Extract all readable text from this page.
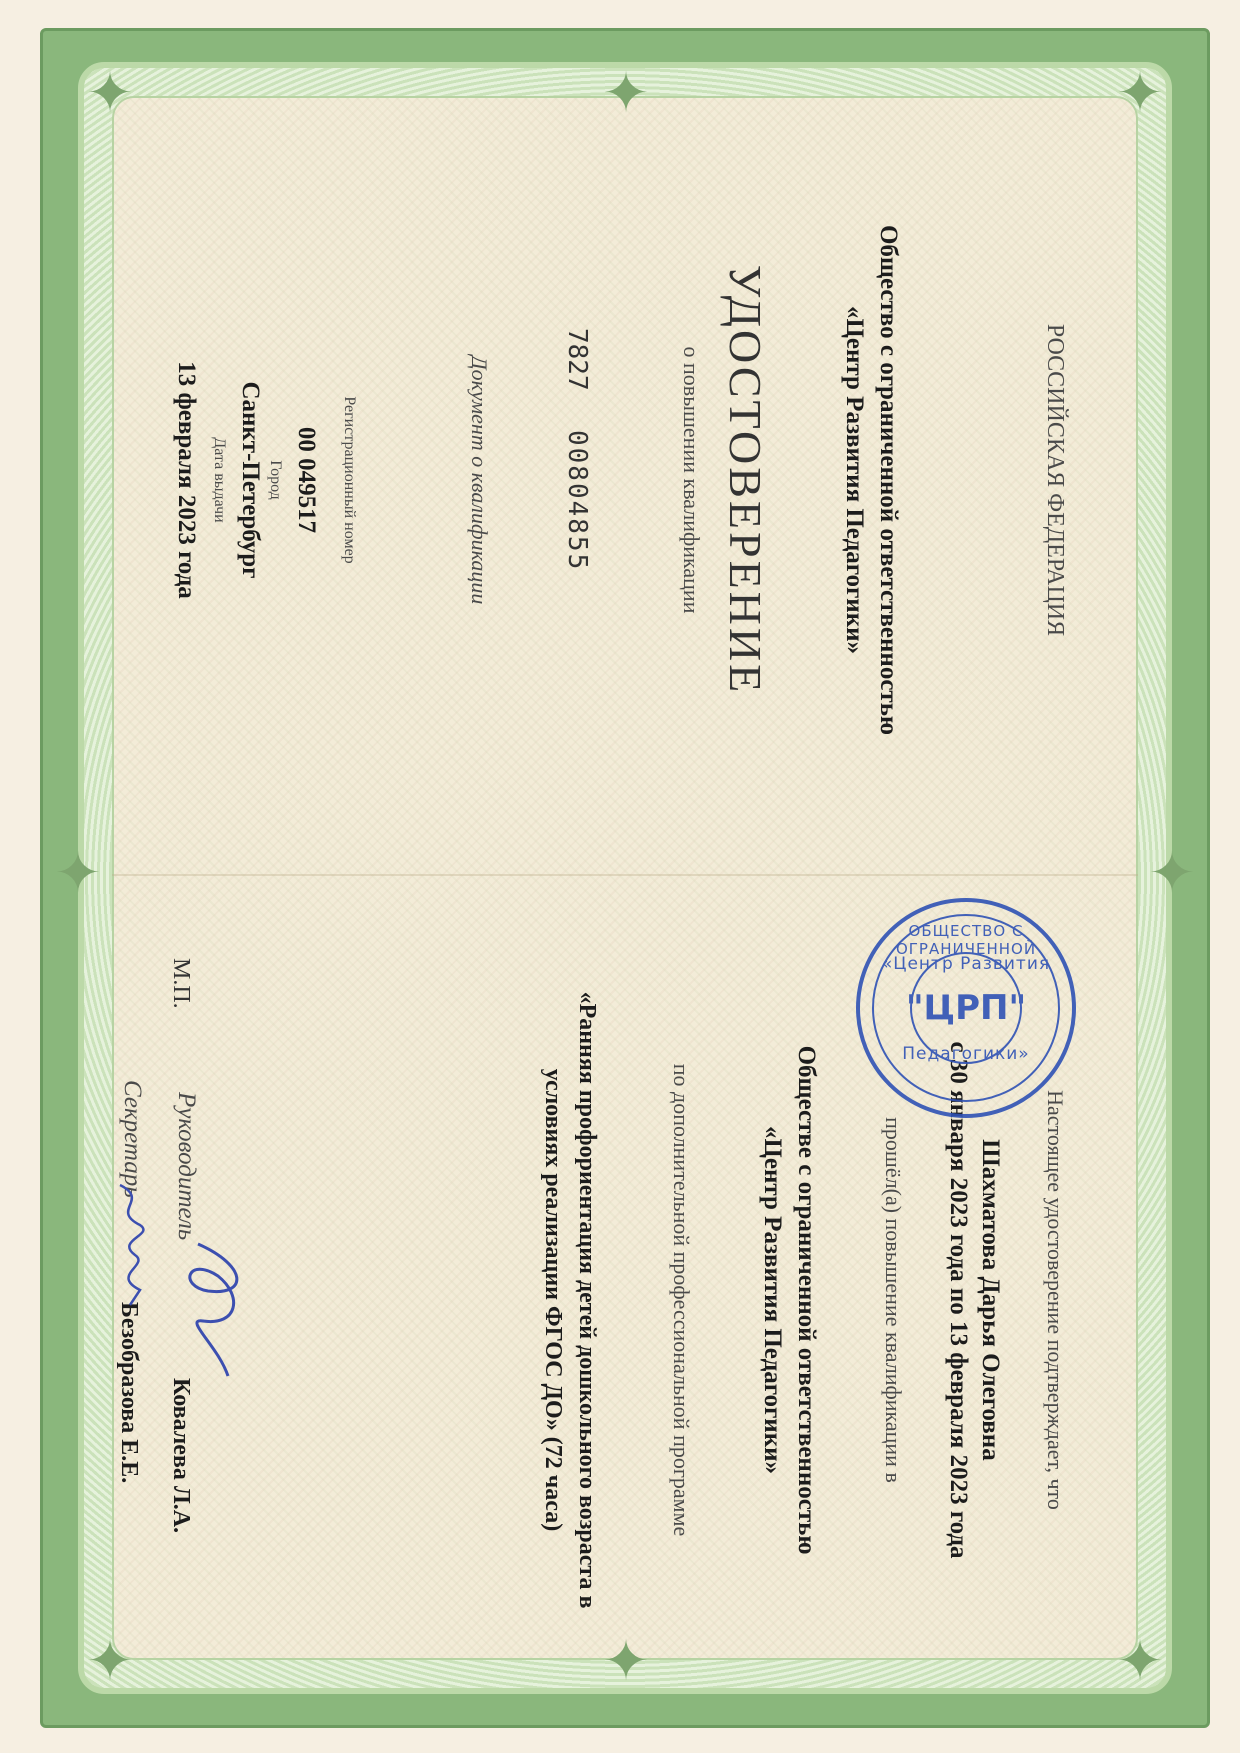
✦	✦
✦	✦
✦
✦
✦	✦
РОССИЙСКАЯ ФЕДЕРАЦИЯ
Общество с ограниченной ответственностью
«Центр Развития Педагогики»
УДОСТОВЕРЕНИЕ
о повышении квалификации
7827
00804855
Документ о квалификации
Регистрационный номер
00 049517
Город
Санкт-Петербург
Дата выдачи
13 февраля 2023 года
Настоящее удостоверение подтверждает, что
Шахматова Дарья Олеговна
с 30 января 2023 года по 13 февраля 2023 года
прошёл(а) повышение квалификации в
Обществе с ограниченной ответственностью
«Центр Развития Педагогики»
по дополнительной профессиональной программе
«Ранняя профориентация детей дошкольного возраста в
условиях реализации ФГОС ДО» (72 часа)
М.П.
Руководитель
Ковалева Л.А.
Секретарь
Безобразова Е.Е.
ОБЩЕСТВО С ОГРАНИЧЕННОЙ
«Центр Развития
"ЦРП"
Педагогики»
